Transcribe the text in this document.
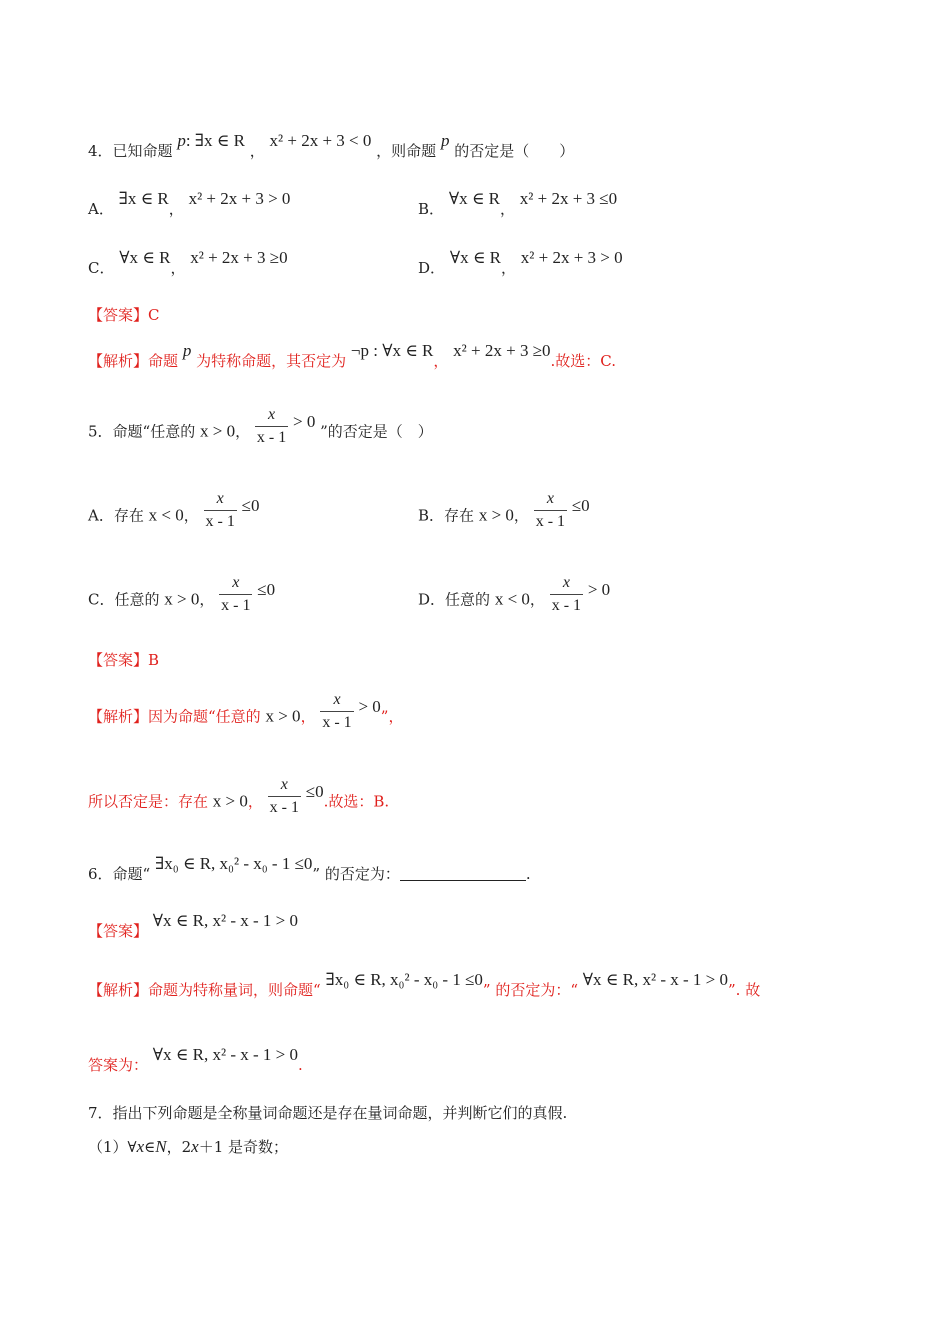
4．已知命题 p: ∃x ∈ R ， x² + 2x + 3 < 0 ，则命题 p 的否定是（　　）
A． ∃x ∈ R， x² + 2x + 3 > 0
B． ∀x ∈ R， x² + 2x + 3 ≤0
C． ∀x ∈ R， x² + 2x + 3 ≥0
D． ∀x ∈ R， x² + 2x + 3 > 0
【答案】C
【解析】命题 p 为特称命题，其否定为 ¬p : ∀x ∈ R， x² + 2x + 3 ≥0.故选：C.
5．命题“任意的 x > 0， $\frac{x}{x - 1} > 0$ ”的否定是（　）
A．存在 x < 0， $\frac{x}{x - 1} \le 0$
B．存在 x > 0， $\frac{x}{x - 1} \le 0$
C．任意的 x > 0， $\frac{x}{x - 1} \le 0$
D．任意的 x < 0， $\frac{x}{x - 1} > 0$
【答案】B
【解析】因为命题“任意的 x > 0， $\frac{x}{x - 1} > 0$”，
所以否定是：存在 x > 0， $\frac{x}{x - 1} \le 0$.故选：B.
6．命题“ ∃x₀ ∈ R, x₀² - x₀ - 1 ≤0” 的否定为：	.
【答案】 ∀x ∈ R, x² - x - 1 > 0
【解析】命题为特称量词，则命题“ ∃x₀ ∈ R, x₀² - x₀ - 1 ≤0” 的否定为：“ ∀x ∈ R, x² - x - 1 > 0”. 故
答案为： ∀x ∈ R, x² - x - 1 > 0.
7．指出下列命题是全称量词命题还是存在量词命题，并判断它们的真假.
（1）∀x∈N，2x＋1 是奇数；
